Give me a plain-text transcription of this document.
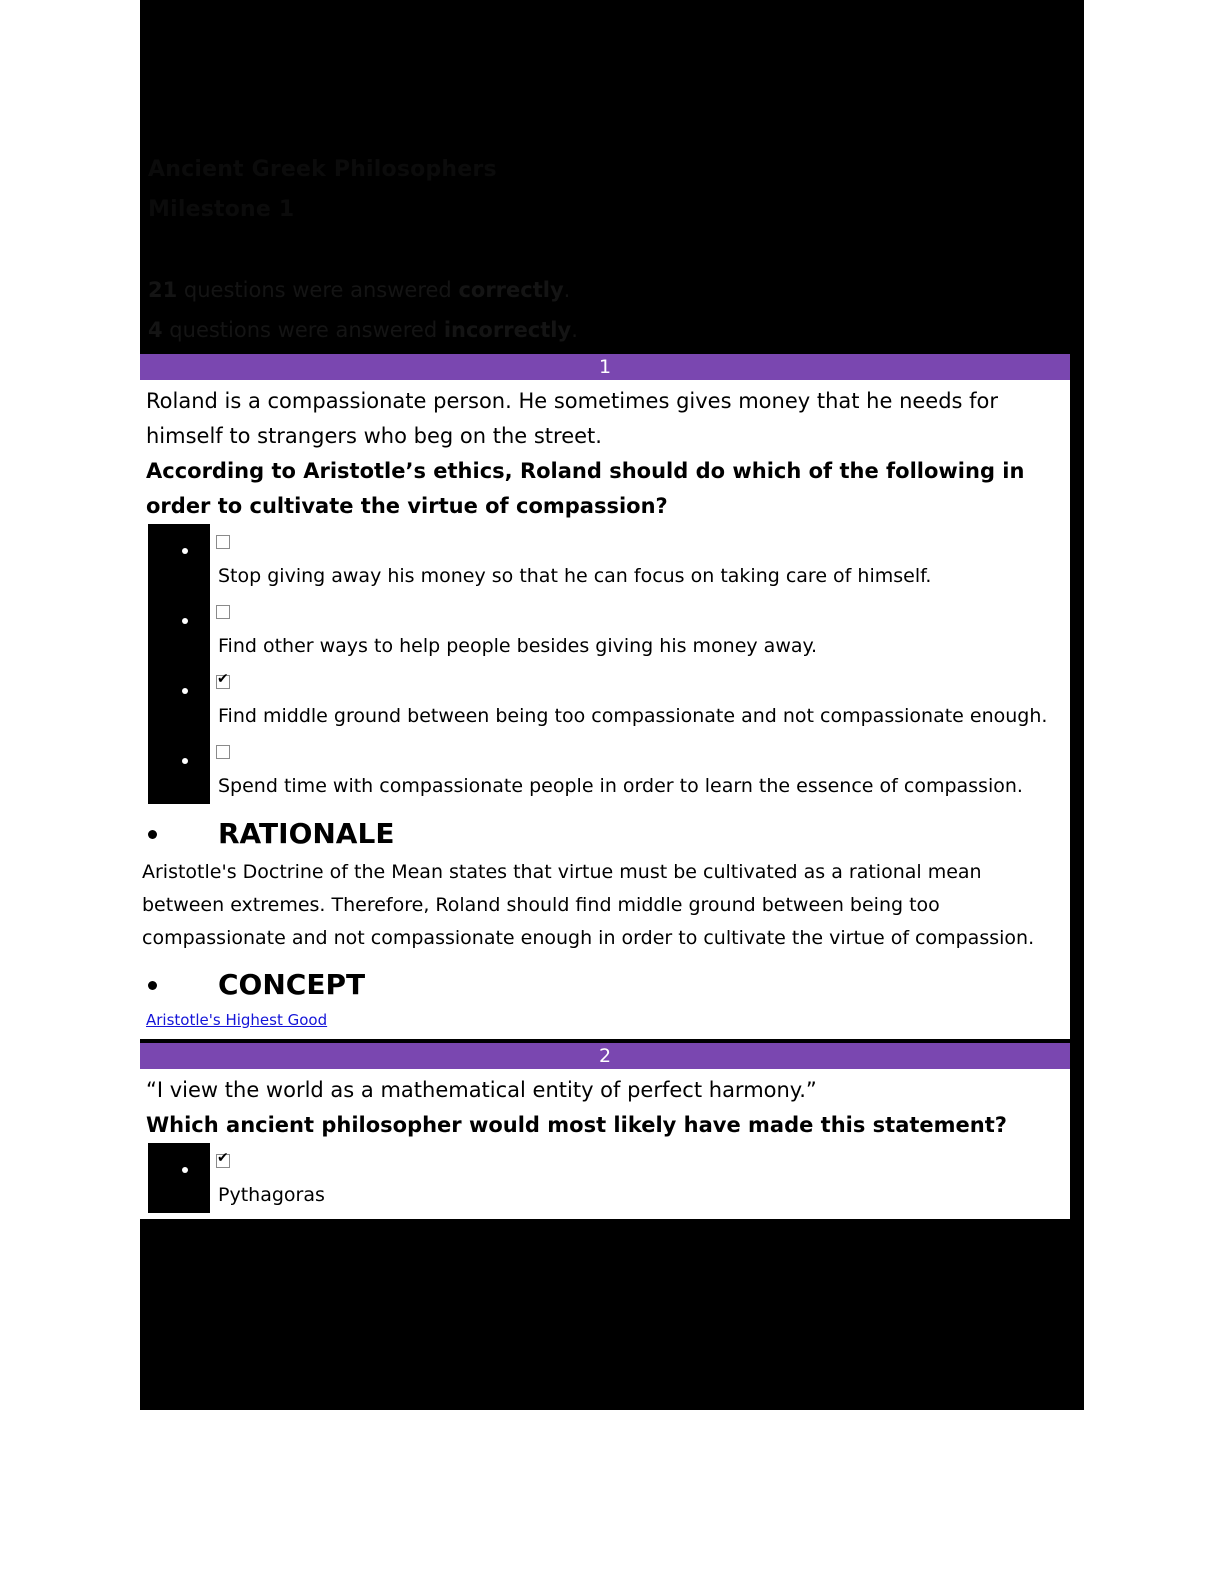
Ancient Greek Philosophers
Milestone 1
21 questions were answered correctly.
4 questions were answered incorrectly.
1
Roland is a compassionate person. He sometimes gives money that he needs for himself to strangers who beg on the street.
According to Aristotle’s ethics, Roland should do which of the following in order to cultivate the virtue of compassion?
Stop giving away his money so that he can focus on taking care of himself.
Find other ways to help people besides giving his money away.
✔
Find middle ground between being too compassionate and not compassionate enough.
Spend time with compassionate people in order to learn the essence of compassion.
RATIONALE
Aristotle's Doctrine of the Mean states that virtue must be cultivated as a rational mean between extremes. Therefore, Roland should find middle ground between being too compassionate and not compassionate enough in order to cultivate the virtue of compassion.
CONCEPT
Aristotle's Highest Good
2
“I view the world as a mathematical entity of perfect harmony.”
Which ancient philosopher would most likely have made this statement?
✔
Pythagoras
